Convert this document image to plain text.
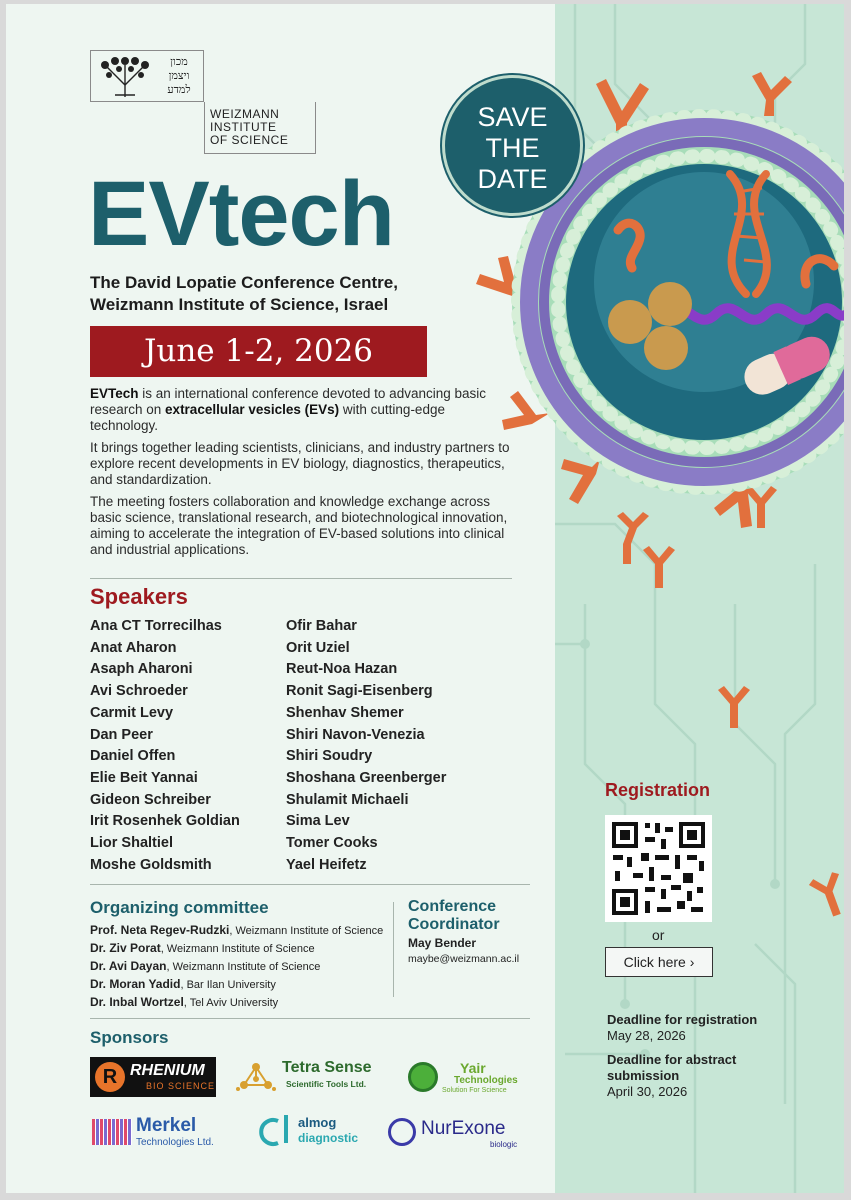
מכון
ויצמן
למדע
WEIZMANN
INSTITUTE
OF SCIENCE
SAVE
THE
DATE
EVtech
The David Lopatie Conference Centre,
Weizmann Institute of Science, Israel
June 1-2, 2026

EVTech is an international conference devoted to advancing basic research on extracellular vesicles (EVs) with cutting-edge technology.

It brings together leading scientists, clinicians, and industry partners to explore recent developments in EV biology, diagnostics, therapeutics, and standardization.

The meeting fosters collaboration and knowledge exchange across basic science, translational research, and biotechnological innovation, aiming to accelerate the integration of EV-based solutions into clinical and industrial applications.

Speakers
Ana CT Torrecilhas
Anat Aharon
Asaph Aharoni
Avi Schroeder
Carmit Levy
Dan Peer
Daniel Offen
Elie Beit Yannai
Gideon Schreiber
Irit Rosenhek Goldian
Lior Shaltiel
Moshe Goldsmith
Ofir Bahar
Orit Uziel
Reut-Noa Hazan
Ronit Sagi-Eisenberg
Shenhav Shemer
Shiri Navon-Venezia
Shiri Soudry
Shoshana Greenberger
Shulamit Michaeli
Sima Lev
Tomer Cooks
Yael Heifetz
Organizing committee
Prof. Neta Regev-Rudzki, Weizmann Institute of Science
Dr. Ziv Porat, Weizmann Institute of Science
Dr. Avi Dayan, Weizmann Institute of Science
Dr. Moran Yadid, Bar Ilan University
Dr. Inbal Wortzel, Tel Aviv University
Conference
Coordinator
May Bender
maybe@weizmann.ac.il
Sponsors
R RHENIUM
BIO SCIENCE
Tetra Sense
Scientific Tools Ltd.
Yair
Technologies
Solution For Science
Merkel
Technologies Ltd.
almog
diagnostic	NurExone
biologic
Registration
or
Click here ›
Deadline for registration
May 28, 2026
Deadline for abstract submission
April 30, 2026
